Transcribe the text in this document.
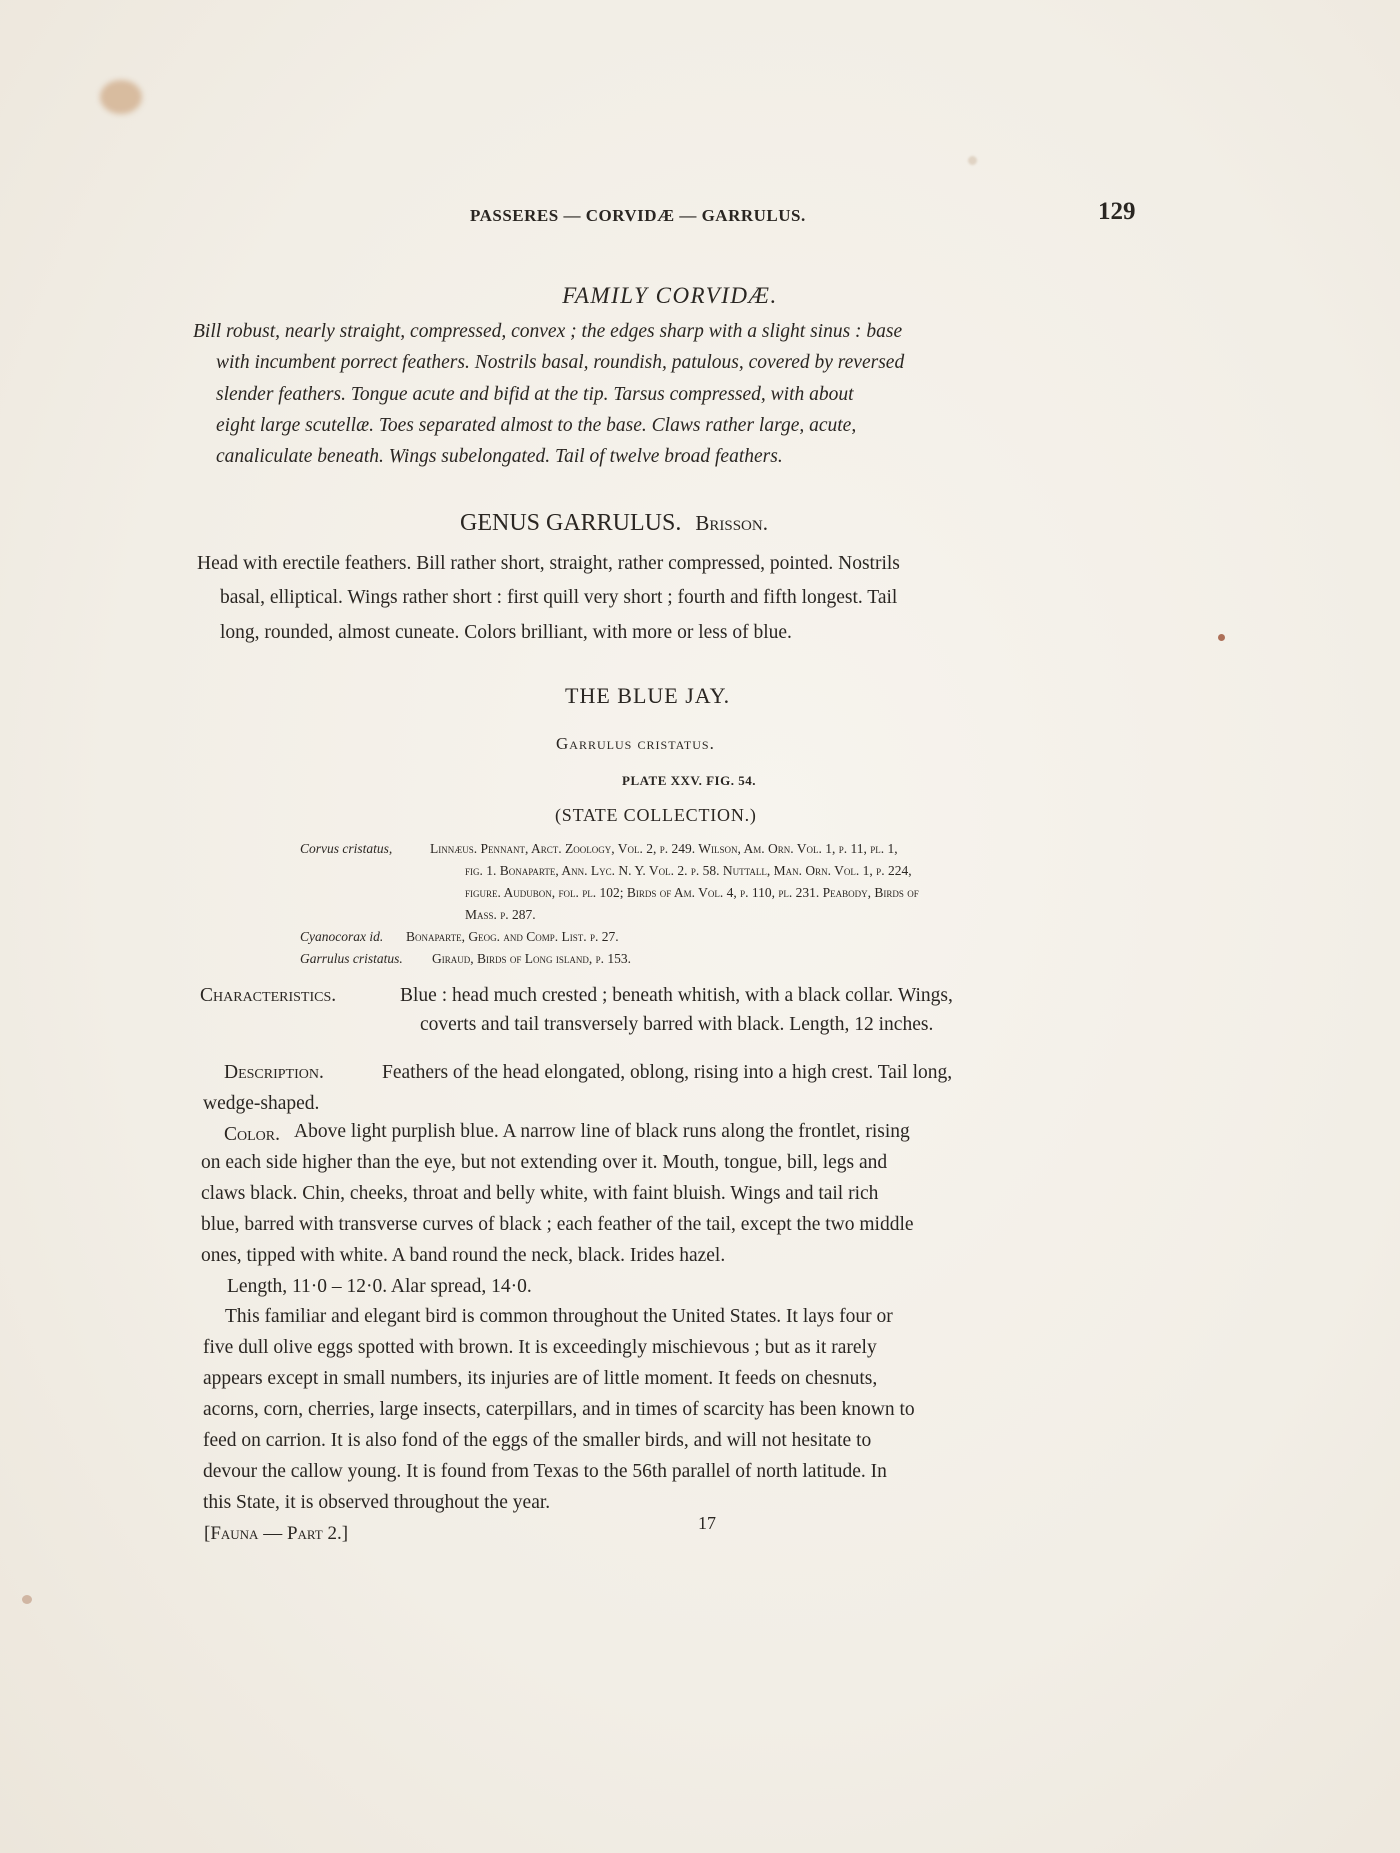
PASSERES — CORVIDÆ — GARRULUS.	129
FAMILY CORVIDÆ.
Bill robust, nearly straight, compressed, convex ; the edges sharp with a slight sinus : base
with incumbent porrect feathers. Nostrils basal, roundish, patulous, covered by reversed
slender feathers. Tongue acute and bifid at the tip. Tarsus compressed, with about
eight large scutellæ. Toes separated almost to the base. Claws rather large, acute,
canaliculate beneath. Wings subelongated. Tail of twelve broad feathers.
GENUS GARRULUS. Brisson.
Head with erectile feathers. Bill rather short, straight, rather compressed, pointed. Nostrils
basal, elliptical. Wings rather short : first quill very short ; fourth and fifth longest. Tail
long, rounded, almost cuneate. Colors brilliant, with more or less of blue.
THE BLUE JAY.
Garrulus cristatus.
PLATE XXV. FIG. 54.
(STATE COLLECTION.)
Corvus cristatus,	Linnæus. Pennant, Arct. Zoology, Vol. 2, p. 249. Wilson, Am. Orn. Vol. 1, p. 11, pl. 1,
fig. 1. Bonaparte, Ann. Lyc. N. Y. Vol. 2. p. 58. Nuttall, Man. Orn. Vol. 1, p. 224,
figure. Audubon, fol. pl. 102; Birds of Am. Vol. 4, p. 110, pl. 231. Peabody, Birds of
Mass. p. 287.
Cyanocorax id. Bonaparte, Geog. and Comp. List. p. 27.
Garrulus cristatus. Giraud, Birds of Long island, p. 153.
Characteristics.	Blue : head much crested ; beneath whitish, with a black collar. Wings,
coverts and tail transversely barred with black. Length, 12 inches.
Description.	Feathers of the head elongated, oblong, rising into a high crest. Tail long,
wedge-shaped.
Color. Above light purplish blue. A narrow line of black runs along the frontlet, rising
on each side higher than the eye, but not extending over it. Mouth, tongue, bill, legs and
claws black. Chin, cheeks, throat and belly white, with faint bluish. Wings and tail rich
blue, barred with transverse curves of black ; each feather of the tail, except the two middle
ones, tipped with white. A band round the neck, black. Irides hazel.
Length, 11·0 – 12·0. Alar spread, 14·0.
This familiar and elegant bird is common throughout the United States. It lays four or
five dull olive eggs spotted with brown. It is exceedingly mischievous ; but as it rarely
appears except in small numbers, its injuries are of little moment. It feeds on chesnuts,
acorns, corn, cherries, large insects, caterpillars, and in times of scarcity has been known to
feed on carrion. It is also fond of the eggs of the smaller birds, and will not hesitate to
devour the callow young. It is found from Texas to the 56th parallel of north latitude. In
this State, it is observed throughout the year.
[Fauna — Part 2.]	17
